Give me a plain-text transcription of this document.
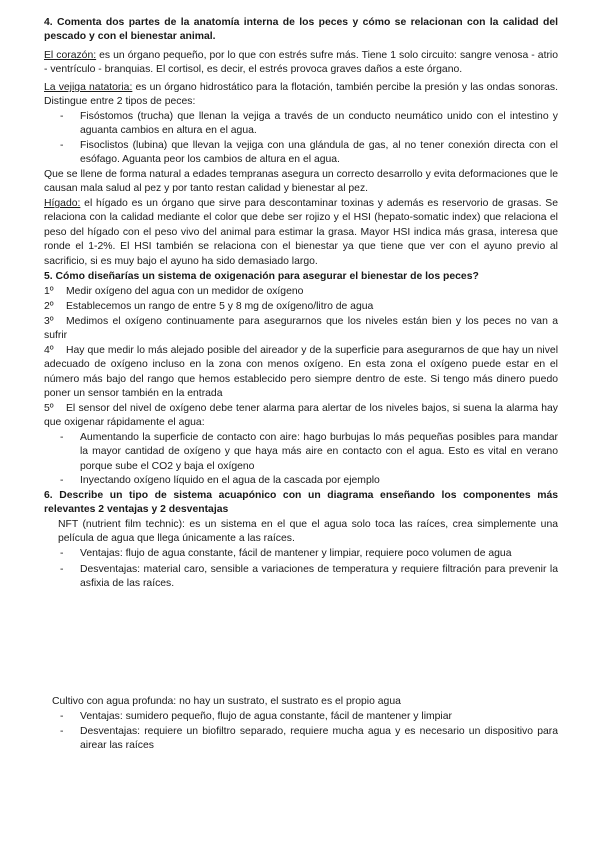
4. Comenta dos partes de la anatomía interna de los peces y cómo se relacionan con la calidad del pescado y con el bienestar animal.

El corazón: es un órgano pequeño, por lo que con estrés sufre más. Tiene 1 solo circuito: sangre venosa - atrio - ventrículo - branquias. El cortisol, es decir, el estrés provoca graves daños a este órgano.

La vejiga natatoria: es un órgano hidrostático para la flotación, también percibe la presión y las ondas sonoras. Distingue entre 2 tipos de peces:

-	Fisóstomos (trucha) que llenan la vejiga a través de un conducto neumático unido con el intestino y aguanta cambios en altura en el agua.
-	Fisoclistos (lubina) que llevan la vejiga con una glándula de gas, al no tener conexión directa con el esófago. Aguanta peor los cambios de altura en el agua.

Que se llene de forma natural a edades tempranas asegura un correcto desarrollo y evita deformaciones que le causan mala salud al pez y por tanto restan calidad y bienestar al pez.

Hígado: el hígado es un órgano que sirve para descontaminar toxinas y además es reservorio de grasas. Se relaciona con la calidad mediante el color que debe ser rojizo y el HSI (hepato-somatic index) que relaciona el peso del hígado con el peso vivo del animal para estimar la grasa. Mayor HSI indica más grasa, interesa que ronde el 1-2%. El HSI también se relaciona con el bienestar ya que tiene que ver con el ayuno previo al sacrificio, si es muy bajo el ayuno ha sido demasiado largo.

5. Cómo diseñarías un sistema de oxigenación para asegurar el bienestar de los peces?

1º Medir oxígeno del agua con un medidor de oxígeno

2º Establecemos un rango de entre 5 y 8 mg de oxígeno/litro de agua

3º Medimos el oxígeno continuamente para asegurarnos que los niveles están bien y los peces no van a sufrir

4º Hay que medir lo más alejado posible del aireador y de la superficie para asegurarnos de que hay un nivel adecuado de oxígeno incluso en la zona con menos oxígeno. En esta zona el oxígeno puede estar en el número más bajo del rango que hemos establecido pero siempre dentro de este. Si tengo más dinero puedo poner un sensor también en la entrada

5º El sensor del nivel de oxígeno debe tener alarma para alertar de los niveles bajos, si suena la alarma hay que oxigenar rápidamente el agua:

-	Aumentando la superficie de contacto con aire: hago burbujas lo más pequeñas posibles para mandar la mayor cantidad de oxígeno y que haya más aire en contacto con el agua. Esto es vital en verano porque sube el CO2 y baja el oxígeno
-	Inyectando oxígeno líquido en el agua de la cascada por ejemplo

6. Describe un tipo de sistema acuapónico con un diagrama enseñando los componentes más relevantes 2 ventajas y 2 desventajas

NFT (nutrient film technic): es un sistema en el que el agua solo toca las raíces, crea simplemente una película de agua que llega únicamente a las raíces.

-	Ventajas: flujo de agua constante, fácil de mantener y limpiar, requiere poco volumen de agua
-	Desventajas: material caro, sensible a variaciones de temperatura y requiere filtración para prevenir la asfixia de las raíces.

Cultivo con agua profunda: no hay un sustrato, el sustrato es el propio agua

-	Ventajas: sumidero pequeño, flujo de agua constante, fácil de mantener y limpiar
-	Desventajas: requiere un biofiltro separado, requiere mucha agua y es necesario un dispositivo para airear las raíces
